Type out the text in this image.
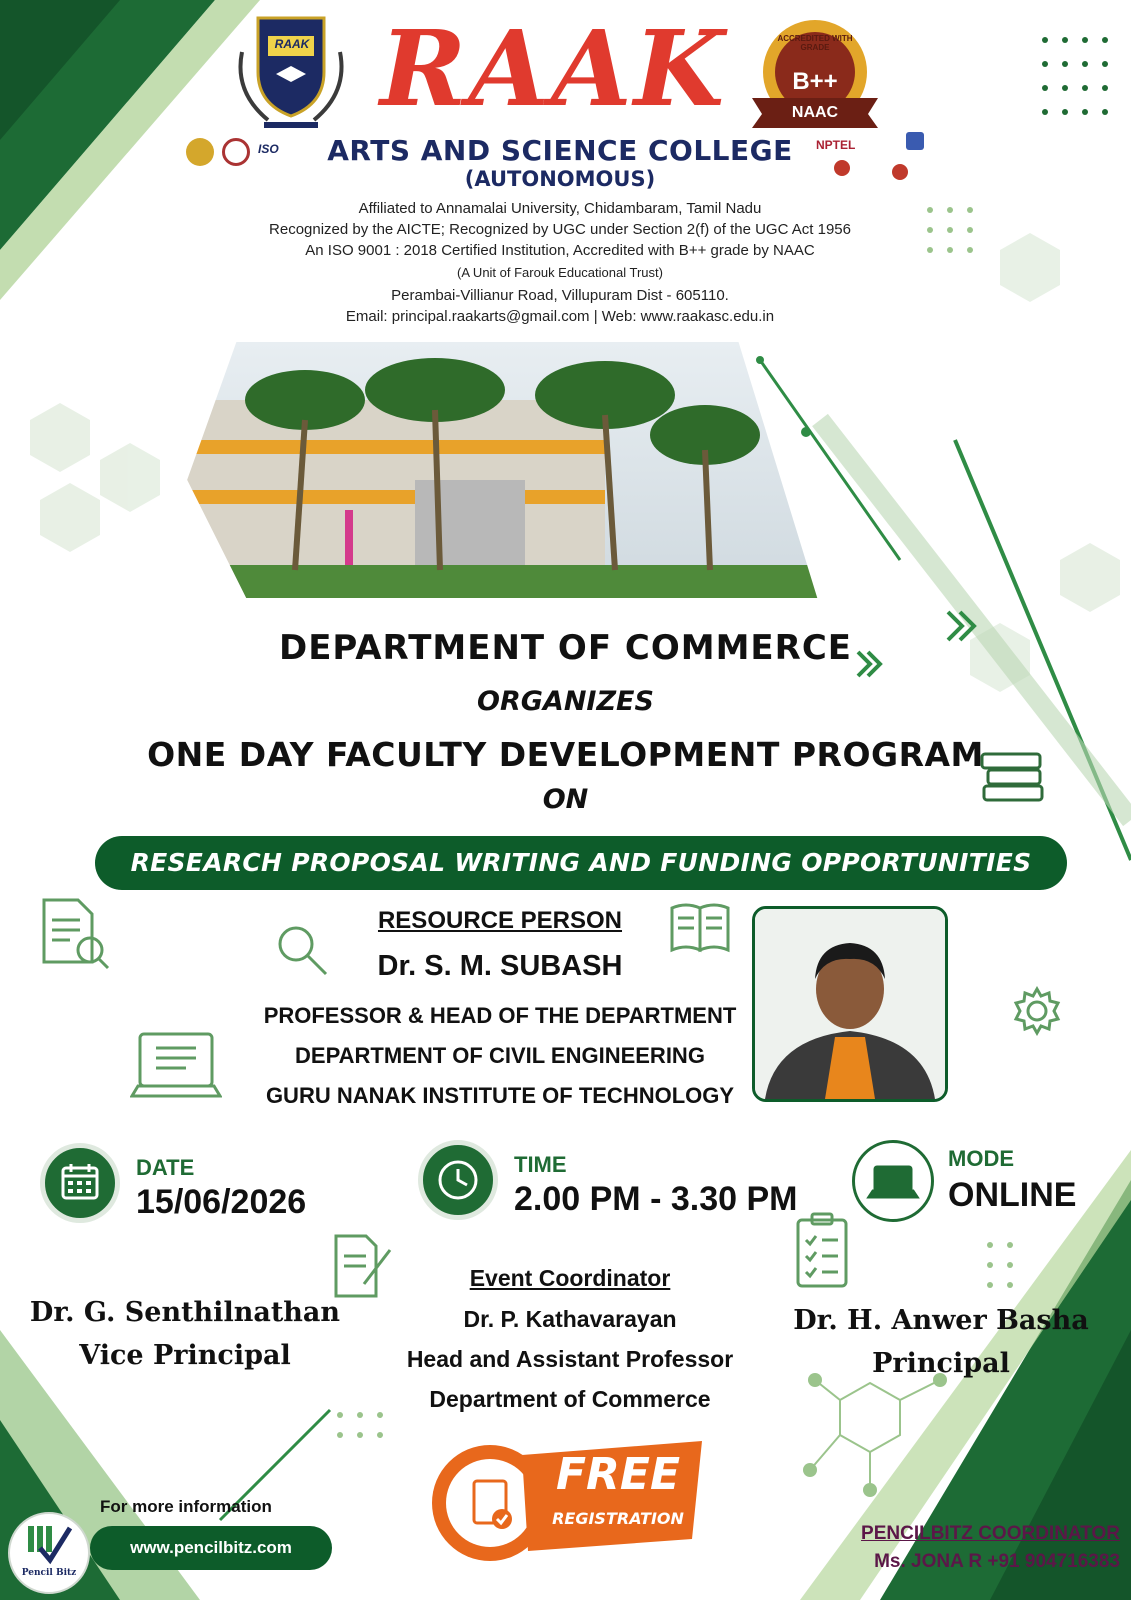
RAAK RAAK	B++
NAAC
ACCREDITED WITH GRADE
ISO	NPTEL
ARTS AND SCIENCE COLLEGE
(AUTONOMOUS)
Affiliated to Annamalai University, Chidambaram, Tamil Nadu
Recognized by the AICTE; Recognized by UGC under Section 2(f) of the UGC Act 1956
An ISO 9001 : 2018 Certified Institution, Accredited with B++ grade by NAAC
(A Unit of Farouk Educational Trust)
Perambai-Villianur Road, Villupuram Dist - 605110.
Email: principal.raakarts@gmail.com | Web: www.raakasc.edu.in
DEPARTMENT OF COMMERCE
ORGANIZES
ONE DAY FACULTY DEVELOPMENT PROGRAM
ON
RESEARCH PROPOSAL WRITING AND FUNDING OPPORTUNITIES
RESOURCE PERSON
Dr. S. M. SUBASH
PROFESSOR & HEAD OF THE DEPARTMENT
DEPARTMENT OF CIVIL ENGINEERING
GURU NANAK INSTITUTE OF TECHNOLOGY
DATE
15/06/2026
TIME
2.00 PM - 3.30 PM
MODE
ONLINE
Dr. G. Senthilnathan
Vice Principal
Event Coordinator
Dr. P. Kathavarayan
Head and Assistant Professor
Department of Commerce
Dr. H. Anwer Basha
Principal
FREE
REGISTRATION
Pencil Bitz
For more information
www.pencilbitz.com
PENCILBITZ COORDINATOR
Ms. JONA R +91 904716383
